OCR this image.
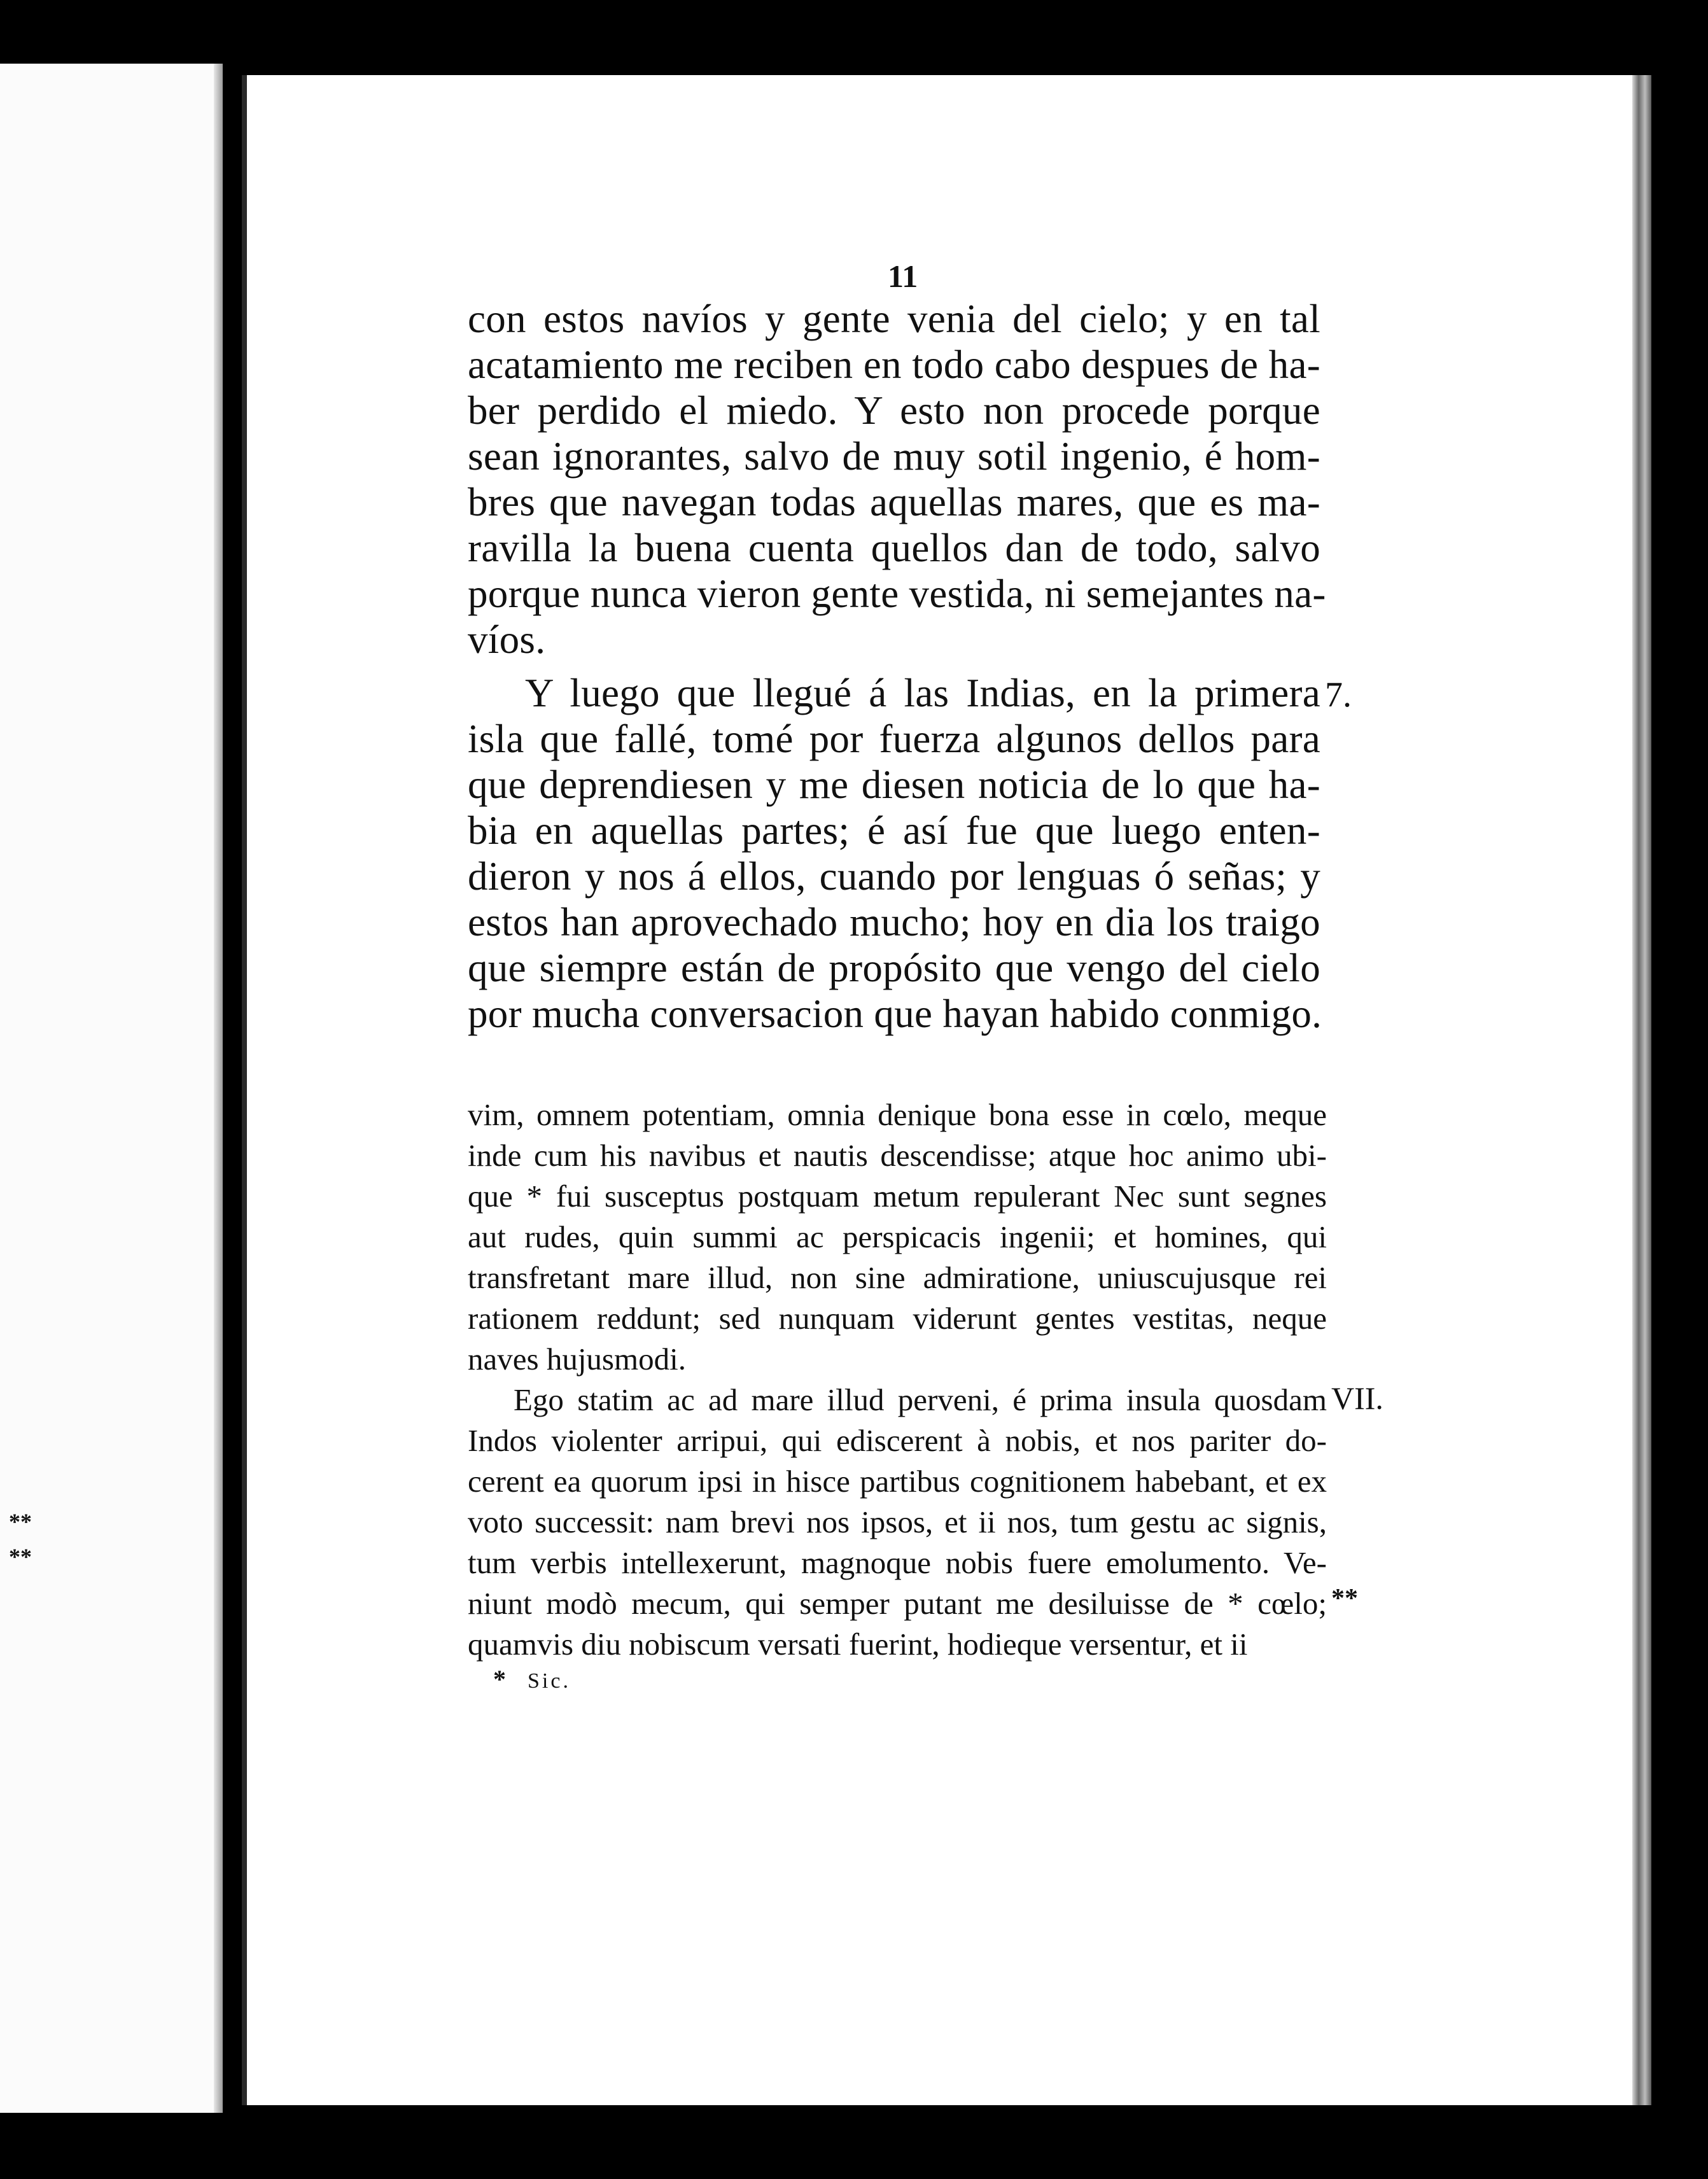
**
**
11
con estos navíos y gente venia del cielo; y en tal
acatamiento me reciben en todo cabo despues de ha-
ber perdido el miedo. Y esto non procede porque
sean ignorantes, salvo de muy sotil ingenio, é hom-
bres que navegan todas aquellas mares, que es ma-
ravilla la buena cuenta quellos dan de todo, salvo
porque nunca vieron gente vestida, ni semejantes na-
víos.
Y luego que llegué á las Indias, en la primera
isla que fallé, tomé por fuerza algunos dellos para
que deprendiesen y me diesen noticia de lo que ha-
bia en aquellas partes; é así fue que luego enten-
dieron y nos á ellos, cuando por lenguas ó señas; y
estos han aprovechado mucho; hoy en dia los traigo
que siempre están de propósito que vengo del cielo
por mucha conversacion que hayan habido conmigo.
7.
vim, omnem potentiam, omnia denique bona esse in cœlo, meque
inde cum his navibus et nautis descendisse; atque hoc animo ubi-
que * fui susceptus postquam metum repulerant Nec sunt segnes
aut rudes, quin summi ac perspicacis ingenii; et homines, qui
transfretant mare illud, non sine admiratione, uniuscujusque rei
rationem reddunt; sed nunquam viderunt gentes vestitas, neque
naves hujusmodi.
Ego statim ac ad mare illud perveni, é prima insula quosdam
Indos violenter arripui, qui ediscerent à nobis, et nos pariter do-
cerent ea quorum ipsi in hisce partibus cognitionem habebant, et ex
voto successit: nam brevi nos ipsos, et ii nos, tum gestu ac signis,
tum verbis intellexerunt, magnoque nobis fuere emolumento. Ve-
niunt modò mecum, qui semper putant me desiluisse de * cœlo;
quamvis diu nobiscum versati fuerint, hodieque versentur, et ii
VII.
**
* Sic.
